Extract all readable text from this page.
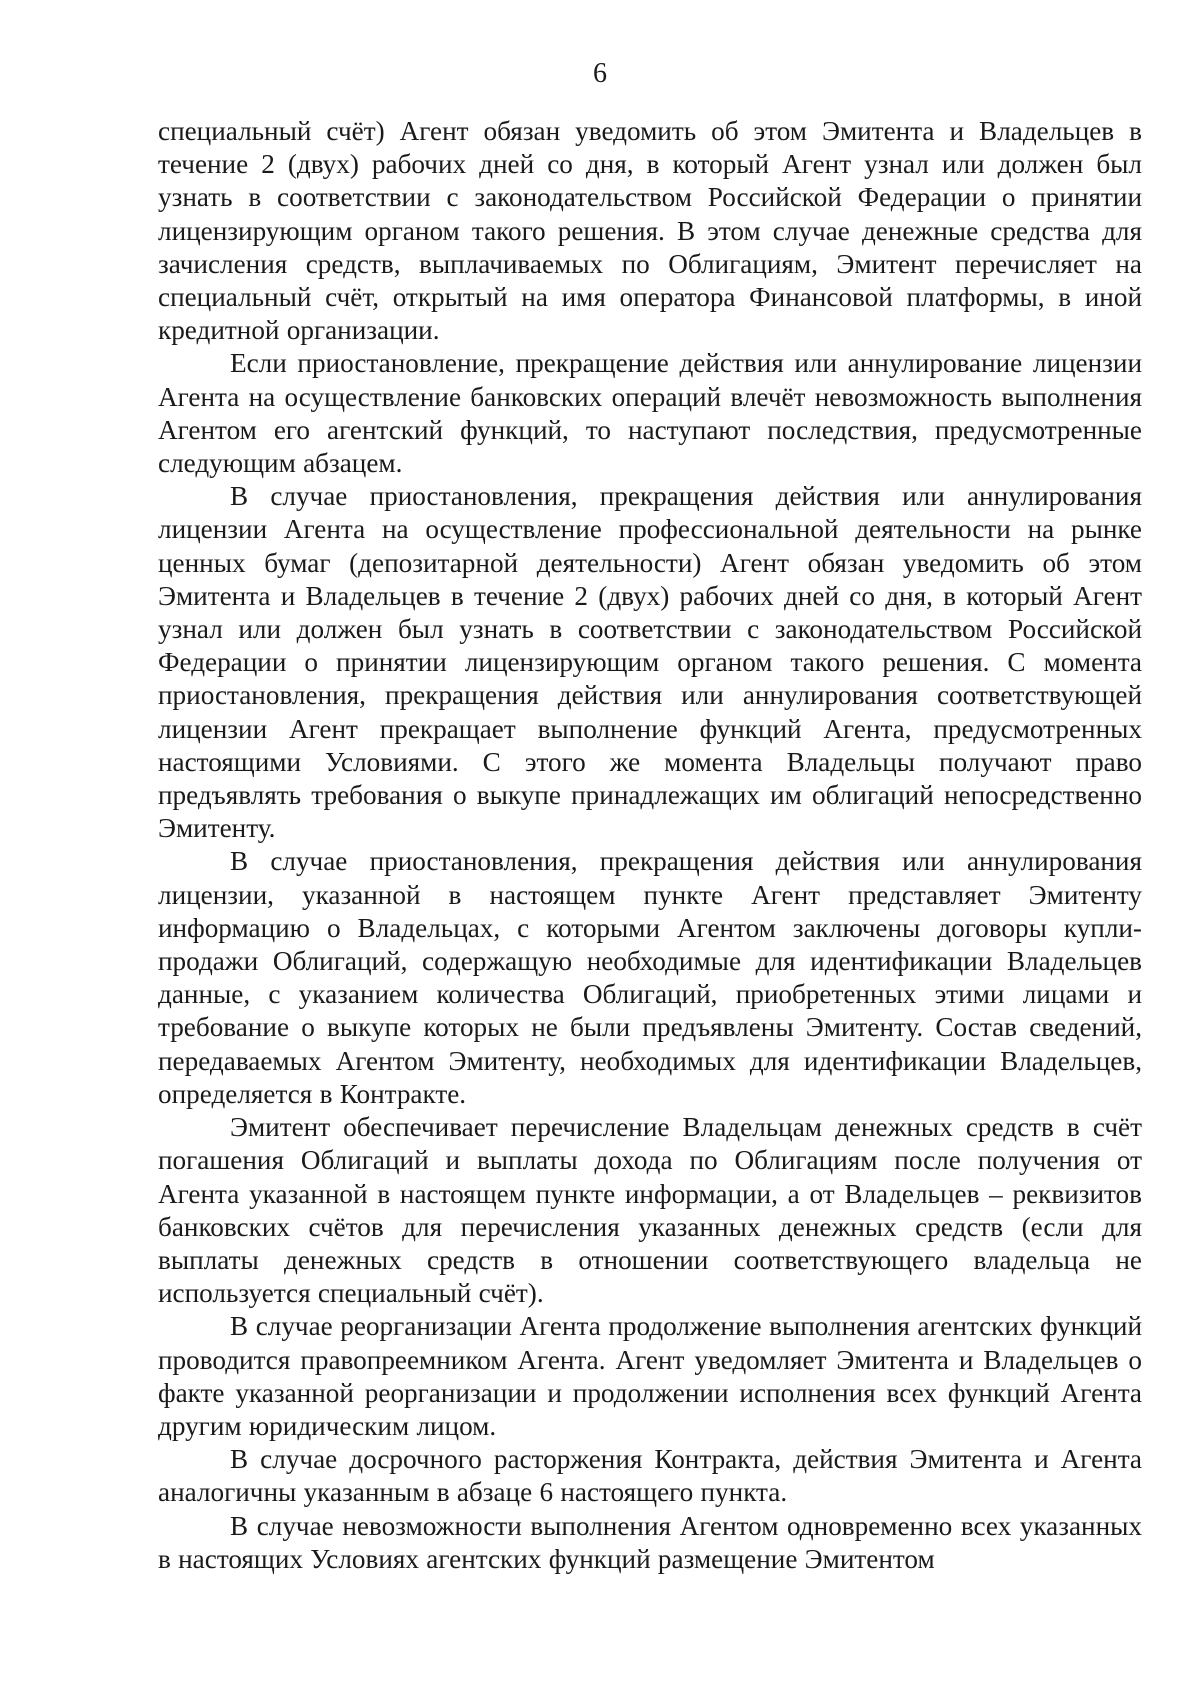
6

специальный счёт) Агент обязан уведомить об этом Эмитента и Владельцев в течение 2 (двух) рабочих дней со дня, в который Агент узнал или должен был узнать в соответствии с законодательством Российской Федерации о принятии лицензирующим органом такого решения. В этом случае денежные средства для зачисления средств, выплачиваемых по Облигациям, Эмитент перечисляет на специальный счёт, открытый на имя оператора Финансовой платформы, в иной кредитной организации.

Если приостановление, прекращение действия или аннулирование лицензии Агента на осуществление банковских операций влечёт невозможность выполнения Агентом его агентский функций, то наступают последствия, предусмотренные следующим абзацем.

В случае приостановления, прекращения действия или аннулирования лицензии Агента на осуществление профессиональной деятельности на рынке ценных бумаг (депозитарной деятельности) Агент обязан уведомить об этом Эмитента и Владельцев в течение 2 (двух) рабочих дней со дня, в который Агент узнал или должен был узнать в соответствии с законодательством Российской Федерации о принятии лицензирующим органом такого решения. С момента приостановления, прекращения действия или аннулирования соответствующей лицензии Агент прекращает выполнение функций Агента, предусмотренных настоящими Условиями. С этого же момента Владельцы получают право предъявлять требования о выкупе принадлежащих им облигаций непосредственно Эмитенту.

В случае приостановления, прекращения действия или аннулирования лицензии, указанной в настоящем пункте Агент представляет Эмитенту информацию о Владельцах, с которыми Агентом заключены договоры купли-продажи Облигаций, содержащую необходимые для идентификации Владельцев данные, с указанием количества Облигаций, приобретенных этими лицами и требование о выкупе которых не были предъявлены Эмитенту. Состав сведений, передаваемых Агентом Эмитенту, необходимых для идентификации Владельцев, определяется в Контракте.

Эмитент обеспечивает перечисление Владельцам денежных средств в счёт погашения Облигаций и выплаты дохода по Облигациям после получения от Агента указанной в настоящем пункте информации, а от Владельцев – реквизитов банковских счётов для перечисления указанных денежных средств (если для выплаты денежных средств в отношении соответствующего владельца не используется специальный счёт).

В случае реорганизации Агента продолжение выполнения агентских функций проводится правопреемником Агента. Агент уведомляет Эмитента и Владельцев о факте указанной реорганизации и продолжении исполнения всех функций Агента другим юридическим лицом.

В случае досрочного расторжения Контракта, действия Эмитента и Агента аналогичны указанным в абзаце 6 настоящего пункта.

В случае невозможности выполнения Агентом одновременно всех указанных в настоящих Условиях агентских функций размещение Эмитентом
